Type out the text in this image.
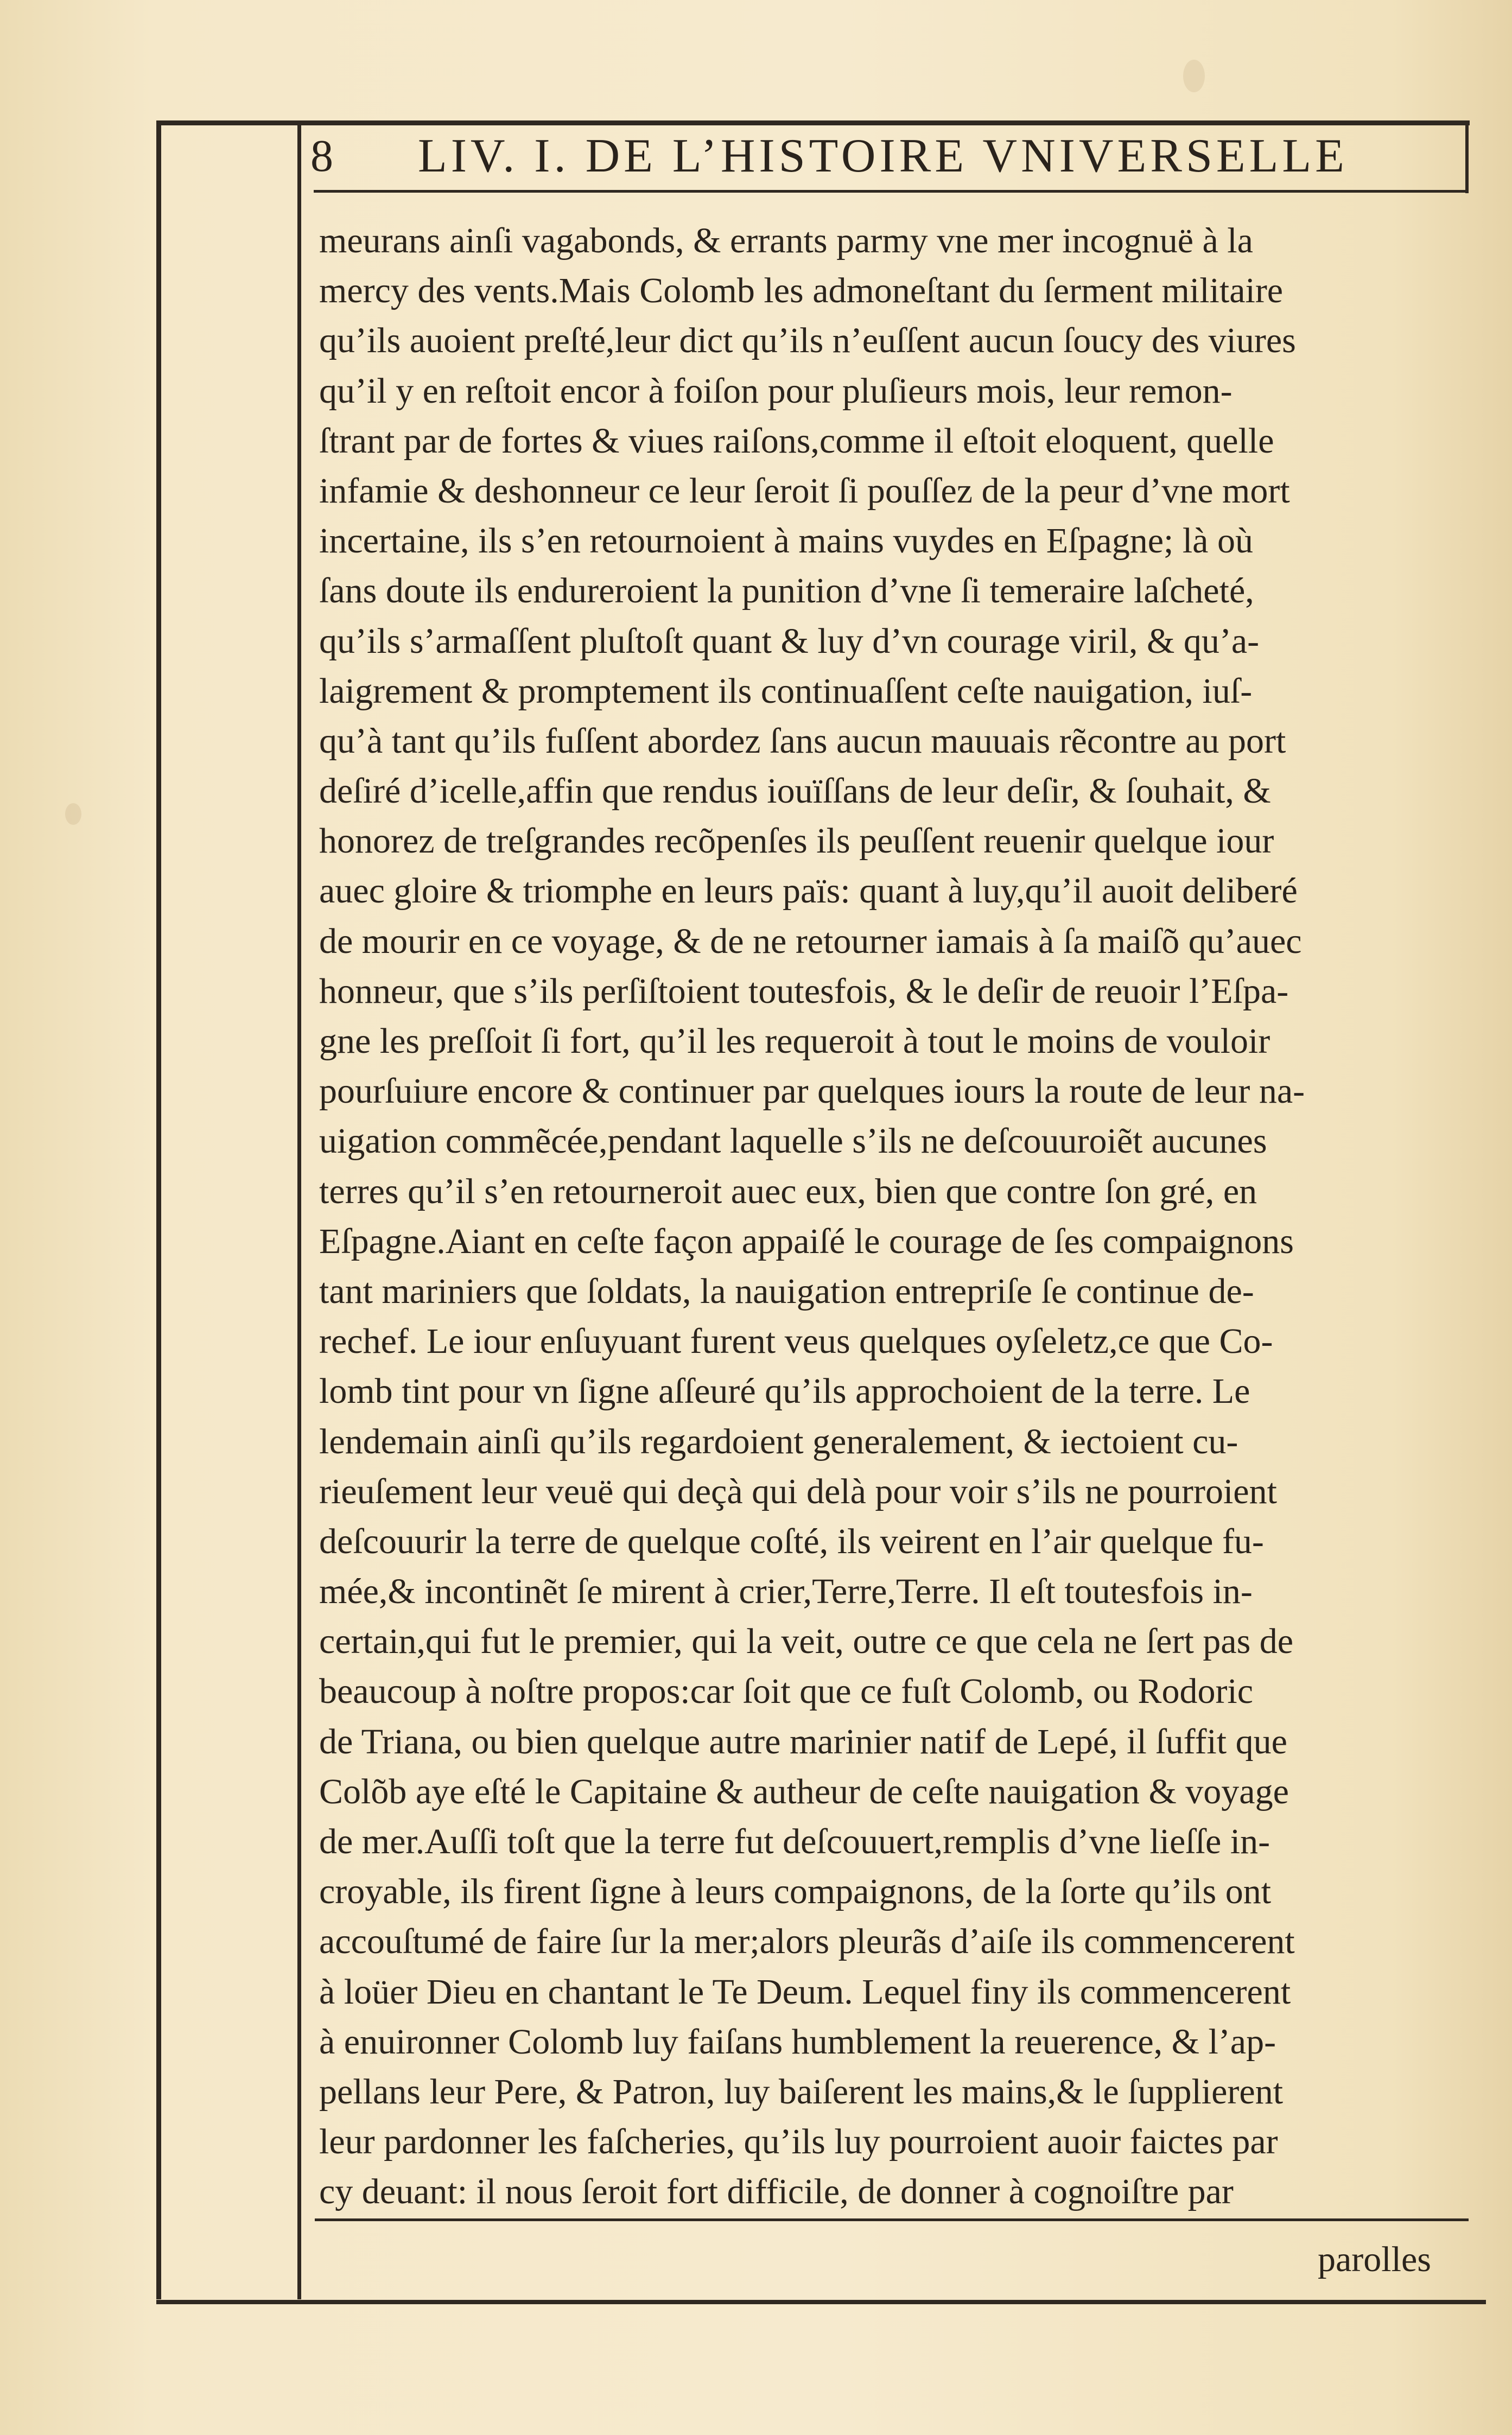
8 LIV. I. DE L’HISTOIRE VNIVERSELLE
meurans ainſi vagabonds, & errants parmy vne mer incognuë à la
mercy des vents.Mais Colomb les admoneſtant du ſerment militaire
qu’ils auoient preſté,leur dict qu’ils n’euſſent aucun ſoucy des viures
qu’il y en reſtoit encor à foiſon pour pluſieurs mois, leur remon-
ſtrant par de fortes & viues raiſons,comme il eſtoit eloquent, quelle
infamie & deshonneur ce leur ſeroit ſi pouſſez de la peur d’vne mort
incertaine, ils s’en retournoient à mains vuydes en Eſpagne; là où
ſans doute ils endureroient la punition d’vne ſi temeraire laſcheté,
qu’ils s’armaſſent pluſtoſt quant & luy d’vn courage viril, & qu’a-
laigrement & promptement ils continuaſſent ceſte nauigation, iuſ-
qu’à tant qu’ils fuſſent abordez ſans aucun mauuais rẽcontre au port
deſiré d’icelle,affin que rendus iouïſſans de leur deſir, & ſouhait, &
honorez de treſgrandes recõpenſes ils peuſſent reuenir quelque iour
auec gloire & triomphe en leurs païs: quant à luy,qu’il auoit deliberé
de mourir en ce voyage, & de ne retourner iamais à ſa maiſõ qu’auec
honneur, que s’ils perſiſtoient toutesfois, & le deſir de reuoir l’Eſpa-
gne les preſſoit ſi fort, qu’il les requeroit à tout le moins de vouloir
pourſuiure encore & continuer par quelques iours la route de leur na-
uigation commẽcée,pendant laquelle s’ils ne deſcouuroiẽt aucunes
terres qu’il s’en retourneroit auec eux, bien que contre ſon gré, en
Eſpagne.Aiant en ceſte façon appaiſé le courage de ſes compaignons
tant mariniers que ſoldats, la nauigation entrepriſe ſe continue de-
rechef. Le iour enſuyuant furent veus quelques oyſeletz,ce que Co-
lomb tint pour vn ſigne aſſeuré qu’ils approchoient de la terre. Le
lendemain ainſi qu’ils regardoient generalement, & iectoient cu-
rieuſement leur veuë qui deçà qui delà pour voir s’ils ne pourroient
deſcouurir la terre de quelque coſté, ils veirent en l’air quelque fu-
mée,& incontinẽt ſe mirent à crier,Terre,Terre. Il eſt toutesfois in-
certain,qui fut le premier, qui la veit, outre ce que cela ne ſert pas de
beaucoup à noſtre propos:car ſoit que ce fuſt Colomb, ou Rodoric
de Triana, ou bien quelque autre marinier natif de Lepé, il ſuffit que
Colõb aye eſté le Capitaine & autheur de ceſte nauigation & voyage
de mer.Auſſi toſt que la terre fut deſcouuert,remplis d’vne lieſſe in-
croyable, ils firent ſigne à leurs compaignons, de la ſorte qu’ils ont
accouſtumé de faire ſur la mer;alors pleurãs d’aiſe ils commencerent
à loüer Dieu en chantant le Te Deum. Lequel finy ils commencerent
à enuironner Colomb luy faiſans humblement la reuerence, & l’ap-
pellans leur Pere, & Patron, luy baiſerent les mains,& le ſupplierent
leur pardonner les faſcheries, qu’ils luy pourroient auoir faictes par
cy deuant: il nous ſeroit fort difficile, de donner à cognoiſtre par
parolles
